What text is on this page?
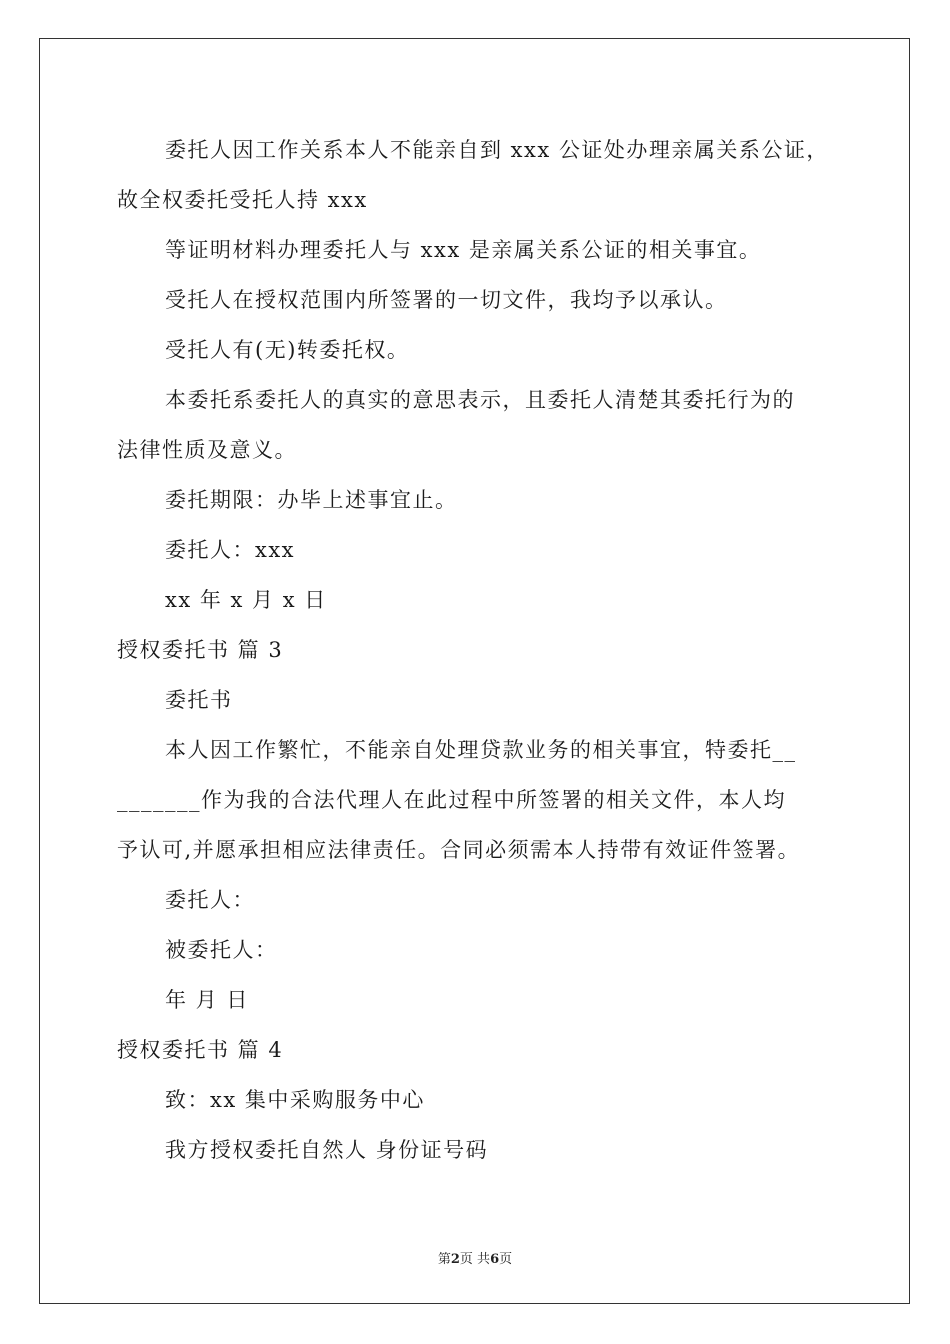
委托人因工作关系本人不能亲自到 xxx 公证处办理亲属关系公证，
故全权委托受托人持 xxx
等证明材料办理委托人与 xxx 是亲属关系公证的相关事宜。
受托人在授权范围内所签署的一切文件，我均予以承认。
受托人有(无)转委托权。
本委托系委托人的真实的意思表示，且委托人清楚其委托行为的
法律性质及意义。
委托期限：办毕上述事宜止。
委托人：xxx
xx 年 x 月 x 日
授权委托书 篇 3
委托书
本人因工作繁忙，不能亲自处理贷款业务的相关事宜，特委托__
_______作为我的合法代理人在此过程中所签署的相关文件，本人均
予认可,并愿承担相应法律责任。合同必须需本人持带有效证件签署。
委托人：
被委托人：
年 月 日
授权委托书 篇 4
致：xx 集中采购服务中心
我方授权委托自然人 身份证号码
第2页 共6页
